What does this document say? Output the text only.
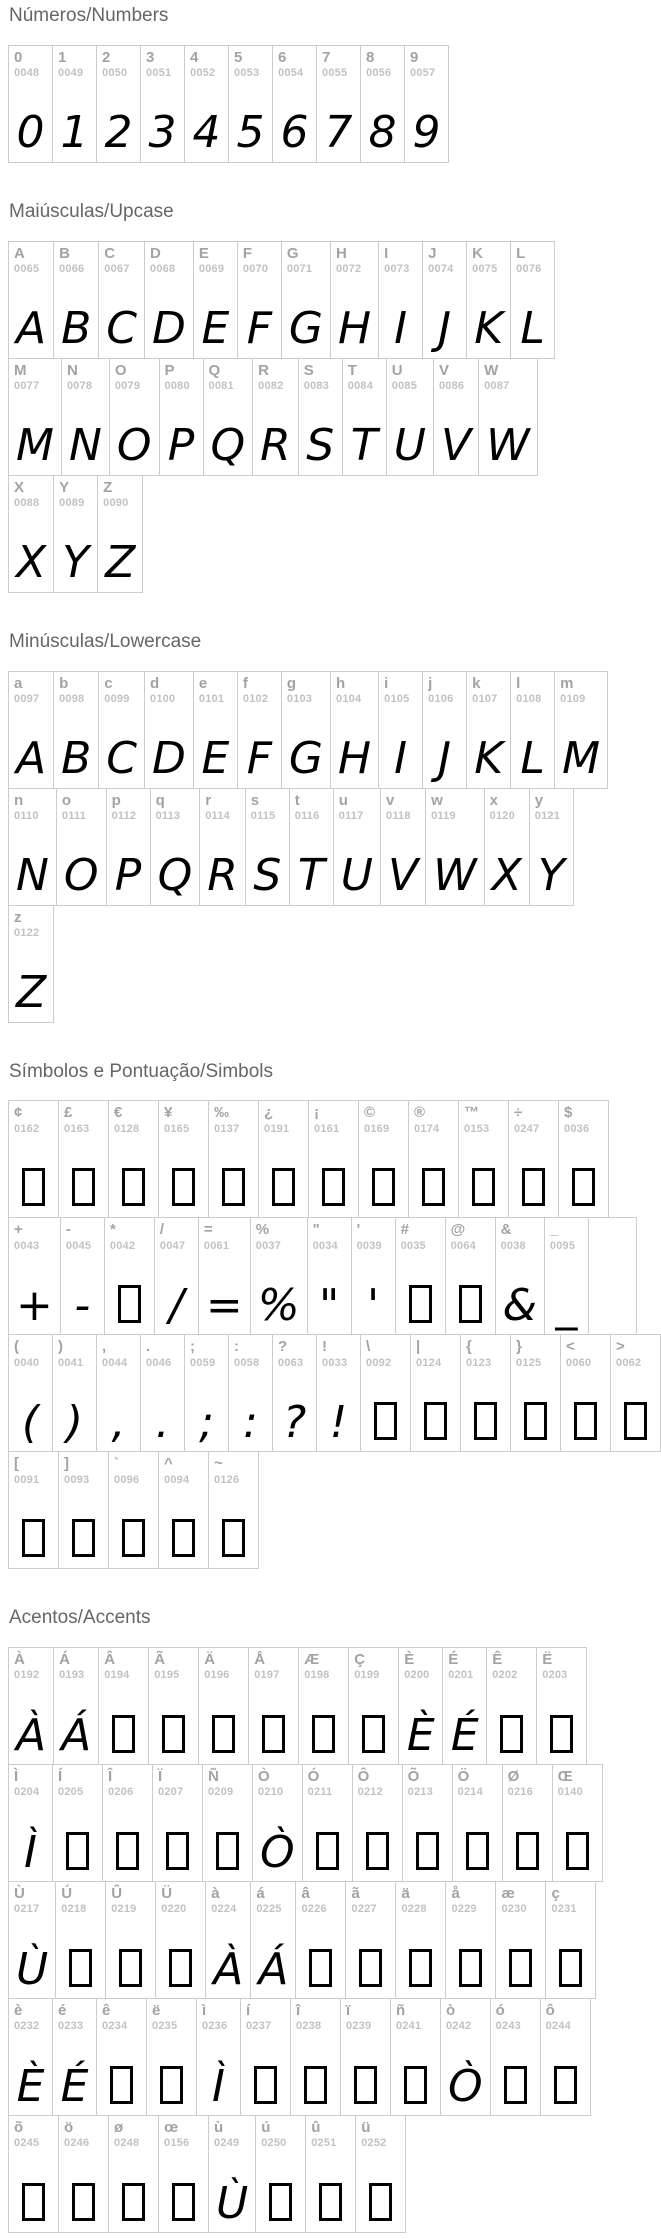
Números/Numbers
0
0048
0
1
0049
1
2
0050
2
3
0051
3
4
0052
4
5
0053
5
6
0054
6
7
0055
7
8
0056
8
9
0057
9
Maiúsculas/Upcase
A
0065
A
B
0066
B
C
0067
C
D
0068
D
E
0069
E
F
0070
F
G
0071
G
H
0072
H
I
0073
I
J
0074
J
K
0075
K
L
0076
L
M
0077
M
N
0078
N
O
0079
O
P
0080
P
Q
0081
Q
R
0082
R
S
0083
S
T
0084
T
U
0085
U
V
0086
V
W
0087
W
X
0088
X
Y
0089
Y
Z
0090
Z
Minúsculas/Lowercase
a
0097
A
b
0098
B
c
0099
C
d
0100
D
e
0101
E
f
0102
F
g
0103
G
h
0104
H
i
0105
I
j
0106
J
k
0107
K
l
0108
L
m
0109
M
n
0110
N
o
0111
O
p
0112
P
q
0113
Q
r
0114
R
s
0115
S
t
0116
T
u
0117
U
v
0118
V
w
0119
W
x
0120
X
y
0121
Y
z
0122
Z
Símbolos e Pontuação/Simbols
¢
0162
£
0163
€
0128
¥
0165
‰
0137
¿
0191
¡
0161
©
0169
®
0174
™
0153
÷
0247
$
0036
+
0043
+
-
0045
-
*
0042
/
0047
/
=
0061
=
%
0037
%
"
0034
"
'
0039
'
#
0035
@
0064
&
0038
&
_
0095
_
(
0040
(
)
0041
)
,
0044
,
.
0046
.
;
0059
;
:
0058
:
?
0063
?
!
0033
!
\
0092
|
0124
{
0123
}
0125
<
0060
>
0062
[
0091
]
0093
`
0096
^
0094
~
0126
Acentos/Accents
À
0192
À
Á
0193
Á
Â
0194
Ã
0195
Ä
0196
Å
0197
Æ
0198
Ç
0199
È
0200
È
É
0201
É
Ê
0202
Ë
0203
Ì
0204
Ì
Í
0205
Î
0206
Ï
0207
Ñ
0209
Ò
0210
Ò
Ó
0211
Ô
0212
Õ
0213
Ö
0214
Ø
0216
Œ
0140
Ù
0217
Ù
Ú
0218
Û
0219
Ü
0220
à
0224
À
á
0225
Á
â
0226
ã
0227
ä
0228
å
0229
æ
0230
ç
0231
è
0232
È
é
0233
É
ê
0234
ë
0235
ì
0236
Ì
í
0237
î
0238
ï
0239
ñ
0241
ò
0242
Ò
ó
0243
ô
0244
õ
0245
ö
0246
ø
0248
œ
0156
ù
0249
Ù
ú
0250
û
0251
ü
0252
